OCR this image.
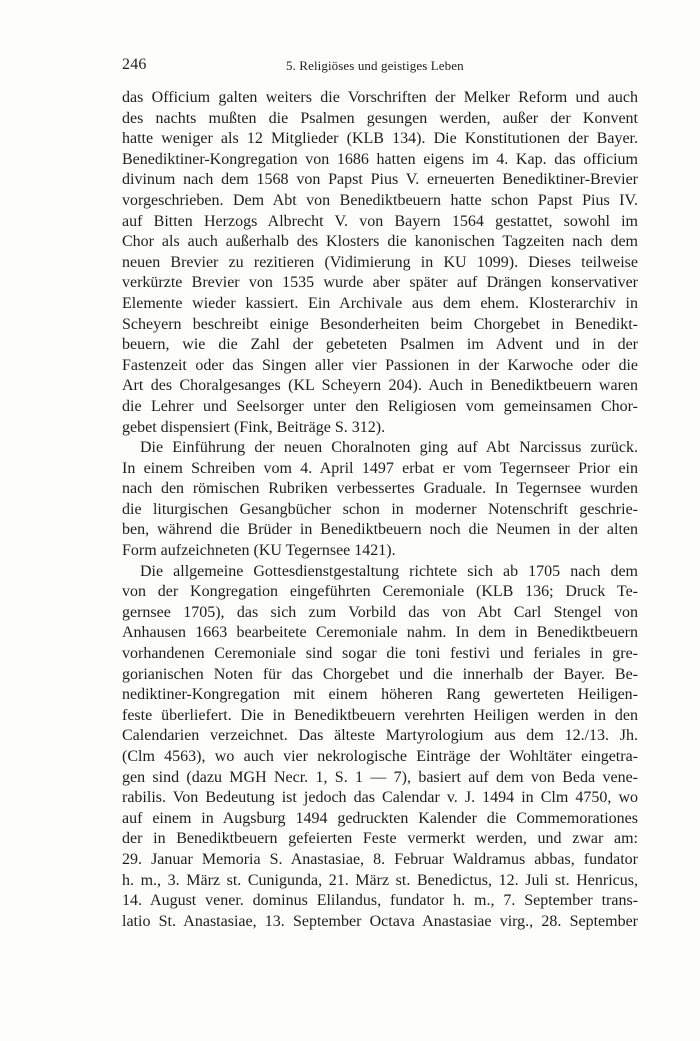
246	5. Religiöses und geistiges Leben
das Officium galten weiters die Vorschriften der Melker Reform und auch
des nachts mußten die Psalmen gesungen werden, außer der Konvent
hatte weniger als 12 Mitglieder (KLB 134). Die Konstitutionen der Bayer.
Benediktiner-Kongregation von 1686 hatten eigens im 4. Kap. das officium
divinum nach dem 1568 von Papst Pius V. erneuerten Benediktiner-Brevier
vorgeschrieben. Dem Abt von Benediktbeuern hatte schon Papst Pius IV.
auf Bitten Herzogs Albrecht V. von Bayern 1564 gestattet, sowohl im
Chor als auch außerhalb des Klosters die kanonischen Tagzeiten nach dem
neuen Brevier zu rezitieren (Vidimierung in KU 1099). Dieses teilweise
verkürzte Brevier von 1535 wurde aber später auf Drängen konservativer
Elemente wieder kassiert. Ein Archivale aus dem ehem. Klosterarchiv in
Scheyern beschreibt einige Besonderheiten beim Chorgebet in Benedikt-
beuern, wie die Zahl der gebeteten Psalmen im Advent und in der
Fastenzeit oder das Singen aller vier Passionen in der Karwoche oder die
Art des Choralgesanges (KL Scheyern 204). Auch in Benediktbeuern waren
die Lehrer und Seelsorger unter den Religiosen vom gemeinsamen Chor-
gebet dispensiert (Fink, Beiträge S. 312).
Die Einführung der neuen Choralnoten ging auf Abt Narcissus zurück.
In einem Schreiben vom 4. April 1497 erbat er vom Tegernseer Prior ein
nach den römischen Rubriken verbessertes Graduale. In Tegernsee wurden
die liturgischen Gesangbücher schon in moderner Notenschrift geschrie-
ben, während die Brüder in Benediktbeuern noch die Neumen in der alten
Form aufzeichneten (KU Tegernsee 1421).
Die allgemeine Gottesdienstgestaltung richtete sich ab 1705 nach dem
von der Kongregation eingeführten Ceremoniale (KLB 136; Druck Te-
gernsee 1705), das sich zum Vorbild das von Abt Carl Stengel von
Anhausen 1663 bearbeitete Ceremoniale nahm. In dem in Benediktbeuern
vorhandenen Ceremoniale sind sogar die toni festivi und feriales in gre-
gorianischen Noten für das Chorgebet und die innerhalb der Bayer. Be-
nediktiner-Kongregation mit einem höheren Rang gewerteten Heiligen-
feste überliefert. Die in Benediktbeuern verehrten Heiligen werden in den
Calendarien verzeichnet. Das älteste Martyrologium aus dem 12./13. Jh.
(Clm 4563), wo auch vier nekrologische Einträge der Wohltäter eingetra-
gen sind (dazu MGH Necr. 1, S. 1 — 7), basiert auf dem von Beda vene-
rabilis. Von Bedeutung ist jedoch das Calendar v. J. 1494 in Clm 4750, wo
auf einem in Augsburg 1494 gedruckten Kalender die Commemorationes
der in Benediktbeuern gefeierten Feste vermerkt werden, und zwar am:
29. Januar Memoria S. Anastasiae, 8. Februar Waldramus abbas, fundator
h. m., 3. März st. Cunigunda, 21. März st. Benedictus, 12. Juli st. Henricus,
14. August vener. dominus Elilandus, fundator h. m., 7. September trans-
latio St. Anastasiae, 13. September Octava Anastasiae virg., 28. September
